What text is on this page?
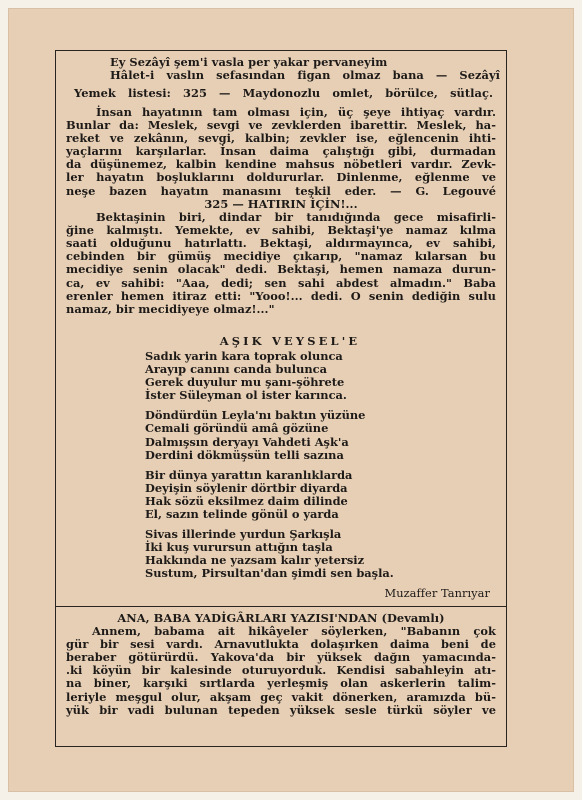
Ey Sezâyî şem'i vasla per yakar pervaneyim
Hâlet-i vaslın sefasından figan olmaz bana — Sezâyî
Yemek listesi: 325 — Maydonozlu omlet, börülce, sütlaç.
İnsan hayatının tam olması için, üç şeye ihtiyaç vardır.
Bunlar da: Meslek, sevgi ve zevklerden ibarettir. Meslek, ha-
reket ve zekânın, sevgi, kalbin; zevkler ise, eğlencenin ihti-
yaçlarını karşılarlar. İnsan daima çalıştığı gibi, durmadan
da düşünemez, kalbin kendine mahsus nöbetleri vardır. Zevk-
ler hayatın boşluklarını doldururlar. Dinlenme, eğlenme ve
neşe bazen hayatın manasını teşkil eder. — G. Legouvé
325 — HATIRIN İÇİN!...
Bektaşinin biri, dindar bir tanıdığında gece misafirli-
ğine kalmıştı. Yemekte, ev sahibi, Bektaşi'ye namaz kılma
saati olduğunu hatırlattı. Bektaşi, aldırmayınca, ev sahibi,
cebinden bir gümüş mecidiye çıkarıp, "namaz kılarsan bu
mecidiye senin olacak" dedi. Bektaşi, hemen namaza durun-
ca, ev sahibi: "Aaa, dedi; sen sahi abdest almadın." Baba
erenler hemen itiraz etti: "Yooo!... dedi. O senin dediğin sulu
namaz, bir mecidiyeye olmaz!..."
AŞIK VEYSEL'E
Sadık yarin kara toprak olunca
Arayıp canını canda bulunca
Gerek duyulur mu şanı-şöhrete
İster Süleyman ol ister karınca.
Döndürdün Leyla'nı baktın yüzüne
Cemali göründü amâ gözüne
Dalmışsın deryayı Vahdeti Aşk'a
Derdini dökmüşsün telli sazına
Bir dünya yarattın karanlıklarda
Deyişin söylenir dörtbir diyarda
Hak sözü eksilmez daim dilinde
El, sazın telinde gönül o yarda
Sivas illerinde yurdun Şarkışla
İki kuş vurursun attığın taşla
Hakkında ne yazsam kalır yetersiz
Sustum, Pirsultan'dan şimdi sen başla.
Muzaffer Tanrıyar
ANA, BABA YADİGÂRLARI YAZISI'NDAN (Devamlı)
Annem, babama ait hikâyeler söylerken, "Babanın çok
gür bir sesi vardı. Arnavutlukta dolaşırken daima beni de
beraber götürürdü. Yakova'da bir yüksek dağın yamacında-
.ki köyün bir kalesinde oturuyorduk. Kendisi sabahleyin atı-
na biner, karşıki sırtlarda yerleşmiş olan askerlerin talim-
leriyle meşgul olur, akşam geç vakit dönerken, aramızda bü-
yük bir vadi bulunan tepeden yüksek sesle türkü söyler ve
